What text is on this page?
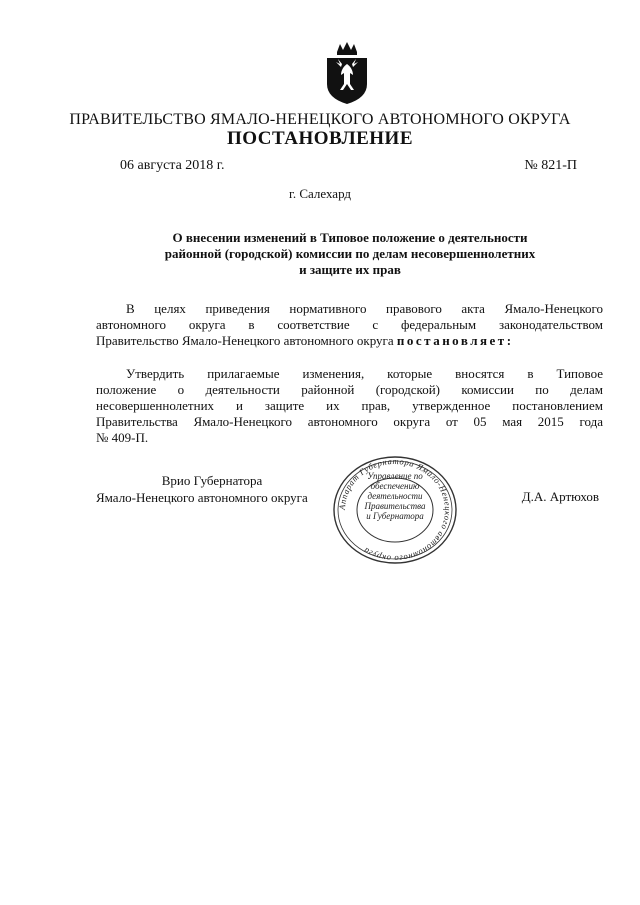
ПРАВИТЕЛЬСТВО ЯМАЛО-НЕНЕЦКОГО АВТОНОМНОГО ОКРУГА
ПОСТАНОВЛЕНИЕ
06 августа 2018 г.	№ 821-П
г. Салехард
О внесении изменений в Типовое положение о деятельности
районной (городской) комиссии по делам несовершеннолетних
и защите их прав
В целях приведения нормативного правового акта Ямало-Ненецкого
автономного округа в соответствие с федеральным законодательством
Правительство Ямало-Ненецкого автономного округа постановляет:
Утвердить прилагаемые изменения, которые вносятся в Типовое
положение о деятельности районной (городской) комиссии по делам
несовершеннолетних и защите их прав, утвержденное постановлением
Правительства Ямало-Ненецкого автономного округа от 05 мая 2015 года
№ 409-П.
Врио Губернатора
Ямало-Ненецкого автономного округа	Д.А. Артюхов
Аппарат Губернатора Ямало-Ненецкого автономного округа
Управление по
обеспечению
деятельности
Правительства
и Губернатора
